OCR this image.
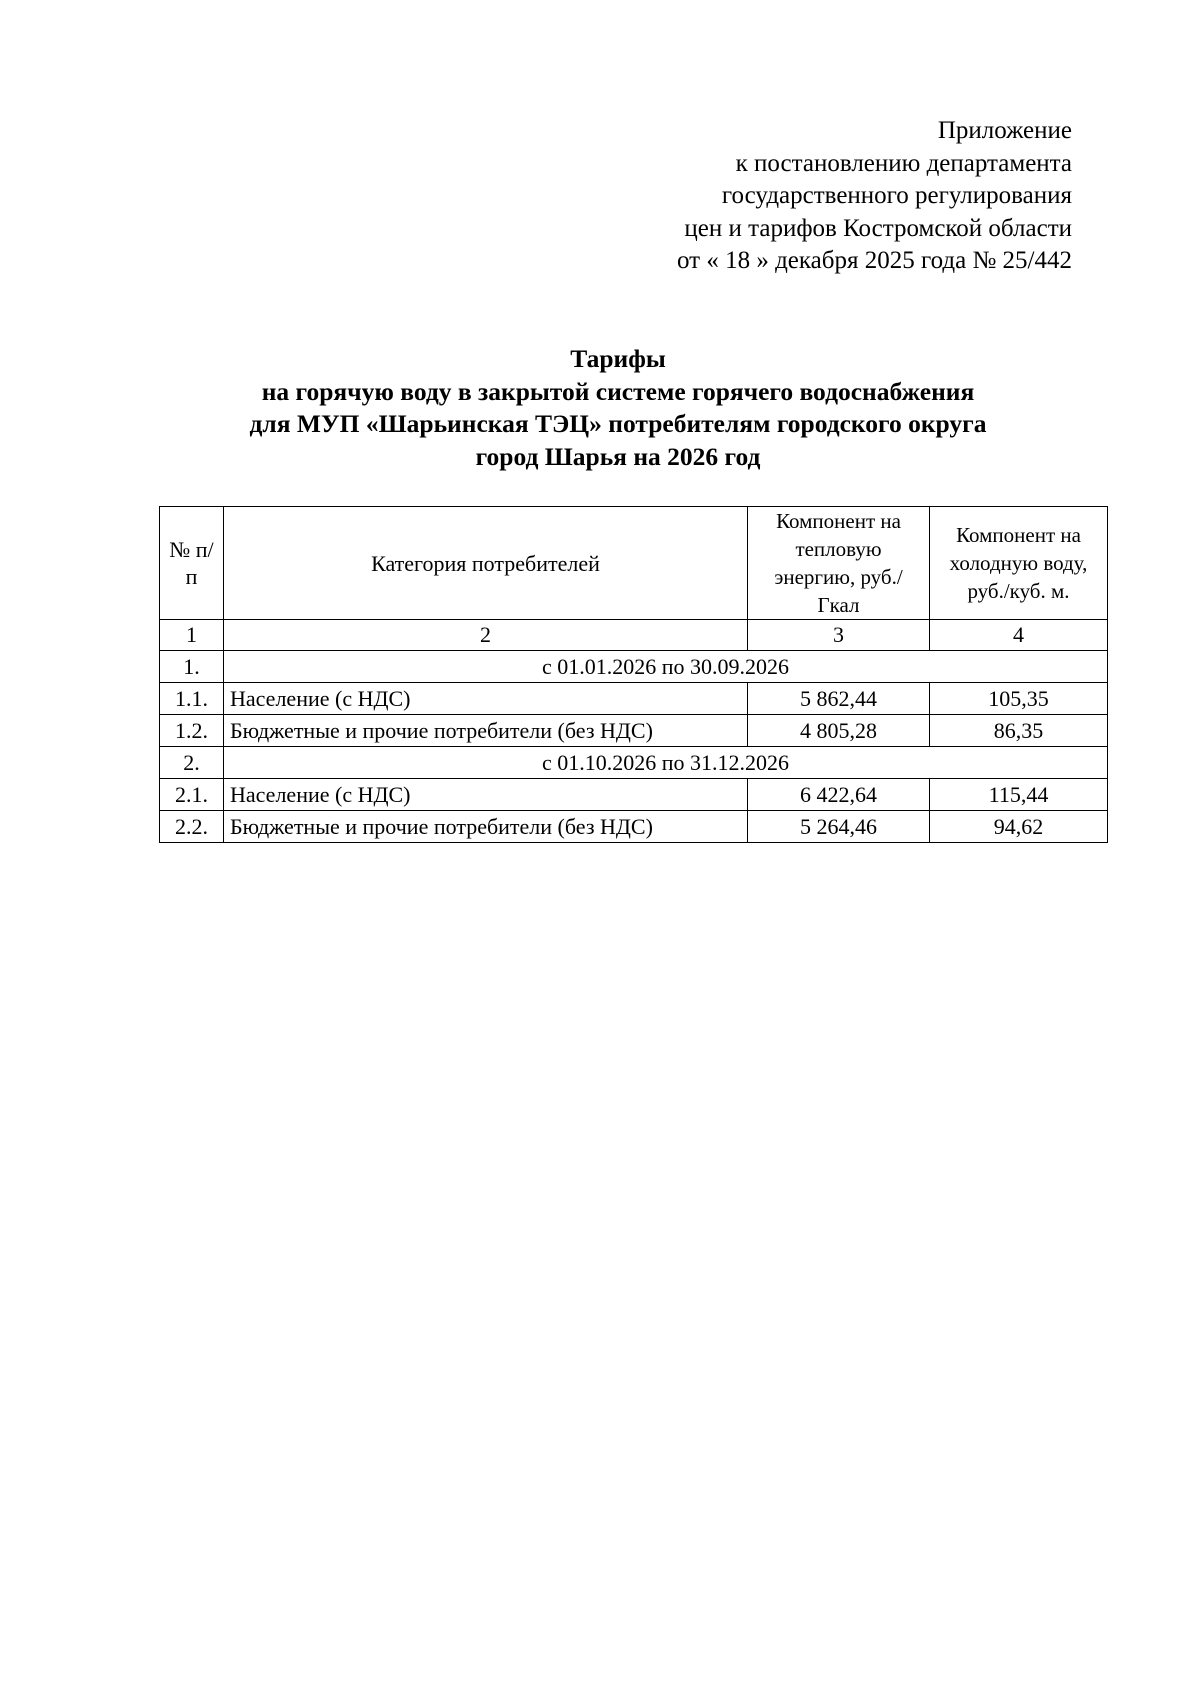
Приложение
к постановлению департамента
государственного регулирования
цен и тарифов Костромской области
от « 18 » декабря 2025 года № 25/442
Тарифы
на горячую воду в закрытой системе горячего водоснабжения
для МУП «Шарьинская ТЭЦ» потребителям городского округа
город Шарья на 2026 год
№ п/п	Категория потребителей	Компонент на тепловую энергию, руб./Гкал	Компонент на холодную воду, руб./куб. м.
1	2	3	4
1.	с 01.01.2026 по 30.09.2026		
1.1.	Население (с НДС)	5 862,44	105,35
1.2.	Бюджетные и прочие потребители (без НДС)	4 805,28	86,35
2.	с 01.10.2026 по 31.12.2026		
2.1.	Население (с НДС)	6 422,64	115,44
2.2.	Бюджетные и прочие потребители (без НДС)	5 264,46	94,62
